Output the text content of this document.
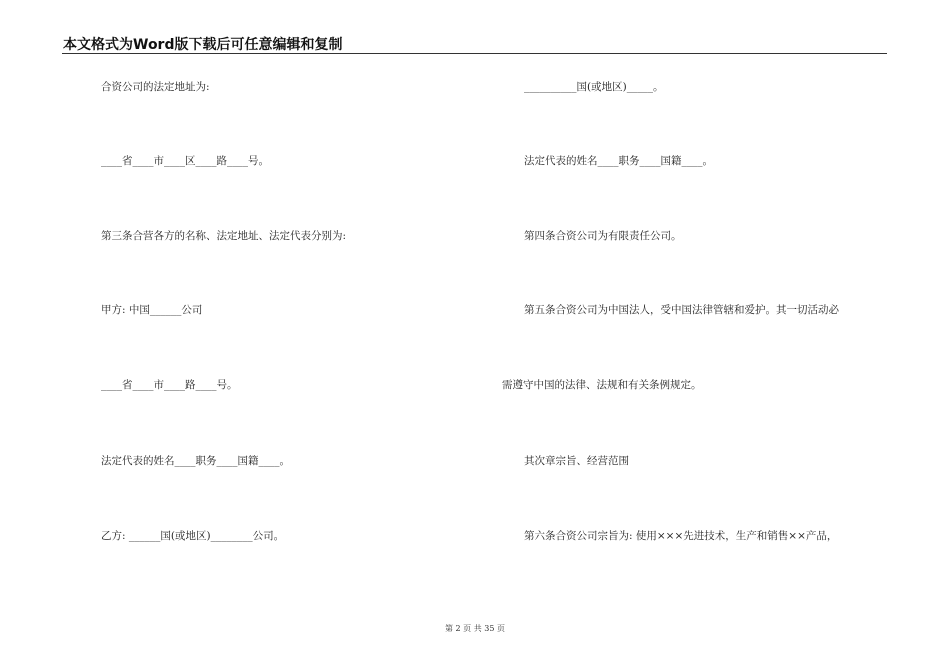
本文格式为Word版下载后可任意编辑和复制
合资公司的法定地址为:
____省____市____区____路____号。
第三条合营各方的名称、法定地址、法定代表分别为:
甲方: 中国______公司
____省____市____路____号。
法定代表的姓名____职务____国籍____。
乙方: ______国(或地区)________公司。
__________国(或地区)_____。
法定代表的姓名____职务____国籍____。
第四条合资公司为有限责任公司。
第五条合资公司为中国法人，受中国法律管辖和爱护。其一切活动必
需遵守中国的法律、法规和有关条例规定。
其次章宗旨、经营范围
第六条合资公司宗旨为: 使用×××先进技术，生产和销售××产品，
第 2 页 共 35 页
